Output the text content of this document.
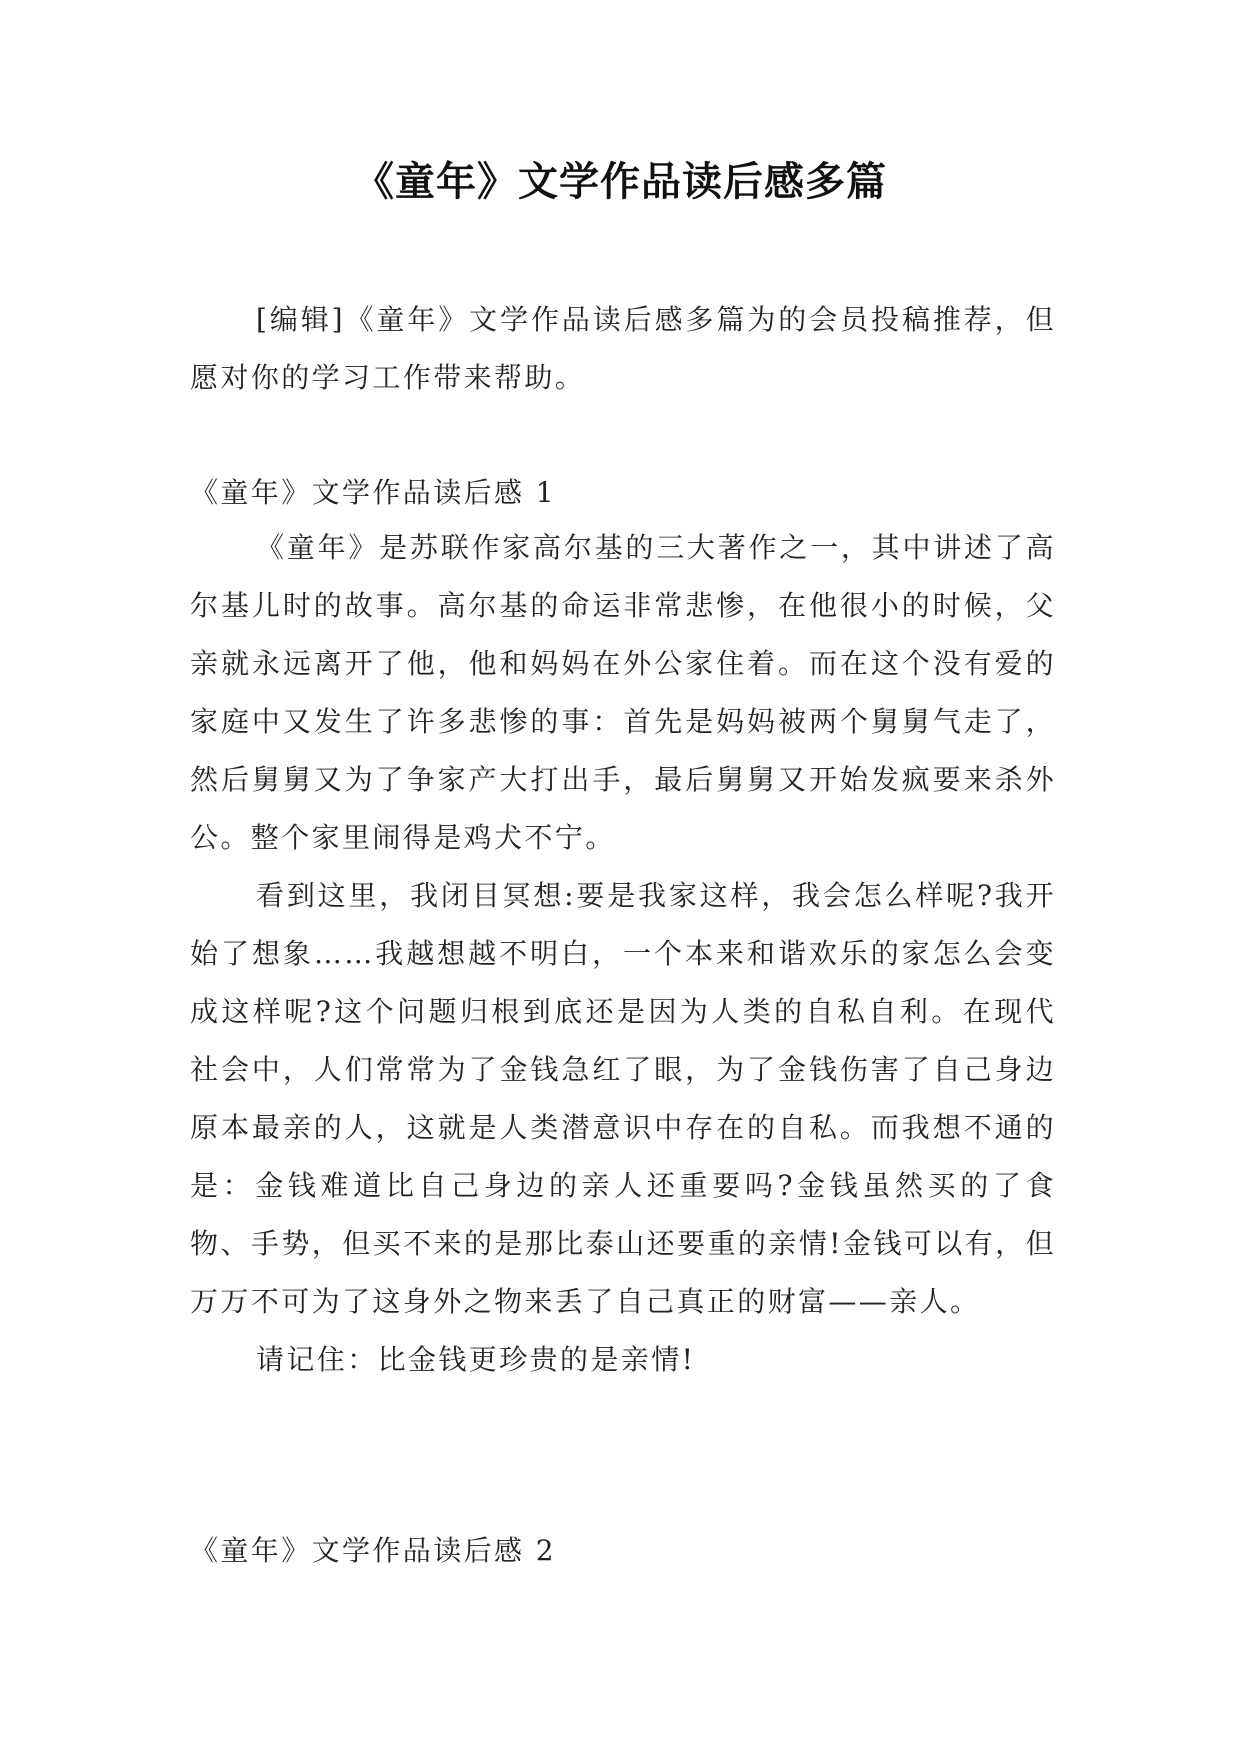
《童年》文学作品读后感多篇

[编辑]《童年》文学作品读后感多篇为的会员投稿推荐，但愿对你的学习工作带来帮助。

《童年》文学作品读后感 1

《童年》是苏联作家高尔基的三大著作之一，其中讲述了高尔基儿时的故事。高尔基的命运非常悲惨，在他很小的时候，父亲就永远离开了他，他和妈妈在外公家住着。而在这个没有爱的家庭中又发生了许多悲惨的事：首先是妈妈被两个舅舅气走了，然后舅舅又为了争家产大打出手，最后舅舅又开始发疯要来杀外公。整个家里闹得是鸡犬不宁。

看到这里，我闭目冥想:要是我家这样，我会怎么样呢?我开始了想象……我越想越不明白，一个本来和谐欢乐的家怎么会变成这样呢?这个问题归根到底还是因为人类的自私自利。在现代社会中，人们常常为了金钱急红了眼，为了金钱伤害了自己身边原本最亲的人，这就是人类潜意识中存在的自私。而我想不通的是：金钱难道比自己身边的亲人还重要吗?金钱虽然买的了食物、手势，但买不来的是那比泰山还要重的亲情!金钱可以有，但万万不可为了这身外之物来丢了自己真正的财富——亲人。

请记住：比金钱更珍贵的是亲情!

《童年》文学作品读后感 2
